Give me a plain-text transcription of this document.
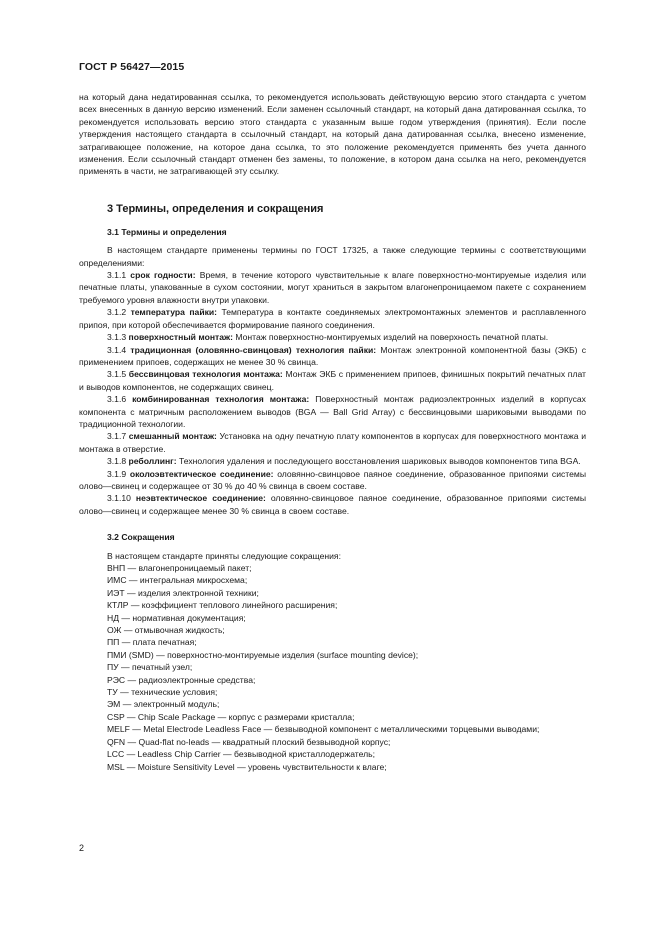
ГОСТ Р 56427—2015

на который дана недатированная ссылка, то рекомендуется использовать действующую версию этого стандарта с учетом всех внесенных в данную версию изменений. Если заменен ссылочный стандарт, на который дана датированная ссылка, то рекомендуется использовать версию этого стандарта с указанным выше годом утверждения (принятия). Если после утверждения настоящего стандарта в ссылочный стандарт, на который дана датированная ссылка, внесено изменение, затрагивающее положение, на которое дана ссылка, то это положение рекомендуется применять без учета данного изменения. Если ссылочный стандарт отменен без замены, то положение, в котором дана ссылка на него, рекомендуется применять в части, не затрагивающей эту ссылку.

3 Термины, определения и сокращения
3.1 Термины и определения

В настоящем стандарте применены термины по ГОСТ 17325, а также следующие термины с соответствующими определениями:

3.1.1 срок годности: Время, в течение которого чувствительные к влаге поверхностно-монтируемые изделия или печатные платы, упакованные в сухом состоянии, могут храниться в закрытом влагонепроницаемом пакете с сохранением требуемого уровня влажности внутри упаковки.

3.1.2 температура пайки: Температура в контакте соединяемых электромонтажных элементов и расплавленного припоя, при которой обеспечивается формирование паяного соединения.

3.1.3 поверхностный монтаж: Монтаж поверхностно-монтируемых изделий на поверхность печатной платы.

3.1.4 традиционная (оловянно-свинцовая) технология пайки: Монтаж электронной компонентной базы (ЭКБ) с применением припоев, содержащих не менее 30 % свинца.

3.1.5 бессвинцовая технология монтажа: Монтаж ЭКБ с применением припоев, финишных покрытий печатных плат и выводов компонентов, не содержащих свинец.

3.1.6 комбинированная технология монтажа: Поверхностный монтаж радиоэлектронных изделий в корпусах компонента с матричным расположением выводов (BGA — Ball Grid Array) с бессвинцовыми шариковыми выводами по традиционной технологии.

3.1.7 смешанный монтаж: Установка на одну печатную плату компонентов в корпусах для поверхностного монтажа и монтажа в отверстие.

3.1.8 реболлинг: Технология удаления и последующего восстановления шариковых выводов компонентов типа BGA.

3.1.9 околоэвтектическое соединение: оловянно-свинцовое паяное соединение, образованное припоями системы олово—свинец и содержащее от 30 % до 40 % свинца в своем составе.

3.1.10 неэвтектическое соединение: оловянно-свинцовое паяное соединение, образованное припоями системы олово—свинец и содержащее менее 30 % свинца в своем составе.

3.2 Сокращения

В настоящем стандарте приняты следующие сокращения:

ВНП — влагонепроницаемый пакет;
ИМС — интегральная микросхема;
ИЭТ — изделия электронной техники;
КТЛР — коэффициент теплового линейного расширения;
НД — нормативная документация;
ОЖ — отмывочная жидкость;
ПП — плата печатная;
ПМИ (SMD) — поверхностно-монтируемые изделия (surface mounting device);
ПУ — печатный узел;
РЭС — радиоэлектронные средства;
ТУ — технические условия;
ЭМ — электронный модуль;
CSP — Chip Scale Package — корпус с размерами кристалла;
MELF — Metal Electrode Leadless Face — безвыводной компонент с металлическими торцевыми выводами;
QFN — Quad-flat no-leads — квадратный плоский безвыводной корпус;
LCC — Leadless Chip Carrier — безвыводной кристаллодержатель;
MSL — Moisture Sensitivity Level — уровень чувствительности к влаге;
2
